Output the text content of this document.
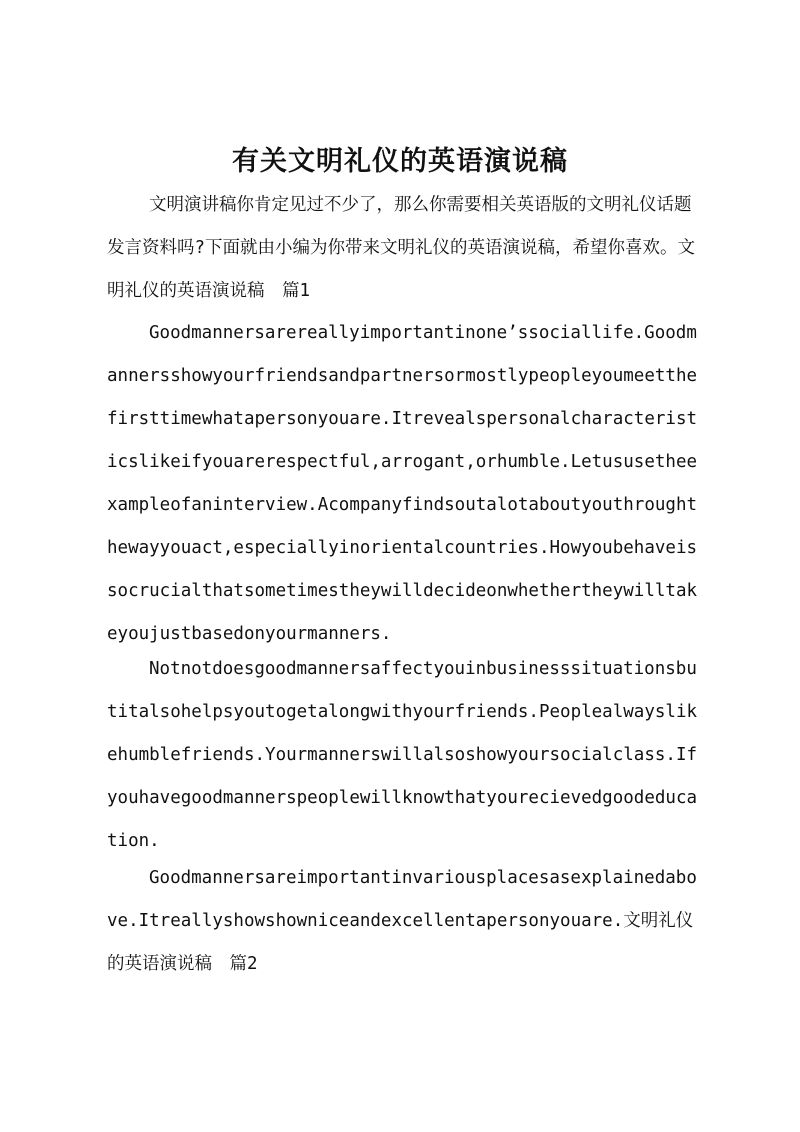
有关文明礼仪的英语演说稿

文明演讲稿你肯定见过不少了，那么你需要相关英语版的文明礼仪话题发言资料吗?下面就由小编为你带来文明礼仪的英语演说稿，希望你喜欢。文明礼仪的英语演说稿　篇1

Goodmannersarereallyimportantinone’ssociallife.Goodmannersshowyourfriendsandpartnersormostlypeopleyoumeetthefirsttimewhatapersonyouare.Itrevealspersonalcharacteristicslikeifyouarerespectful,arrogant,orhumble.Letususetheexampleofaninterview.Acompanyfindsoutalotaboutyouthroughthewayyouact,especiallyinorientalcountries.Howyoubehaveissocrucialthatsometimestheywilldecideonwhethertheywilltakeyoujustbasedonyourmanners.

Notnotdoesgoodmannersaffectyouinbusinesssituationsbutitalsohelpsyoutogetalongwithyourfriends.Peoplealwayslikehumblefriends.Yourmannerswillalsoshowyoursocialclass.Ifyouhavegoodmannerspeoplewillknowthatyourecievedgoodeducation.

Goodmannersareimportantinvariousplacesasexplainedabove.Itreallyshowshowniceandexcellentapersonyouare.文明礼仪的英语演说稿　篇2
